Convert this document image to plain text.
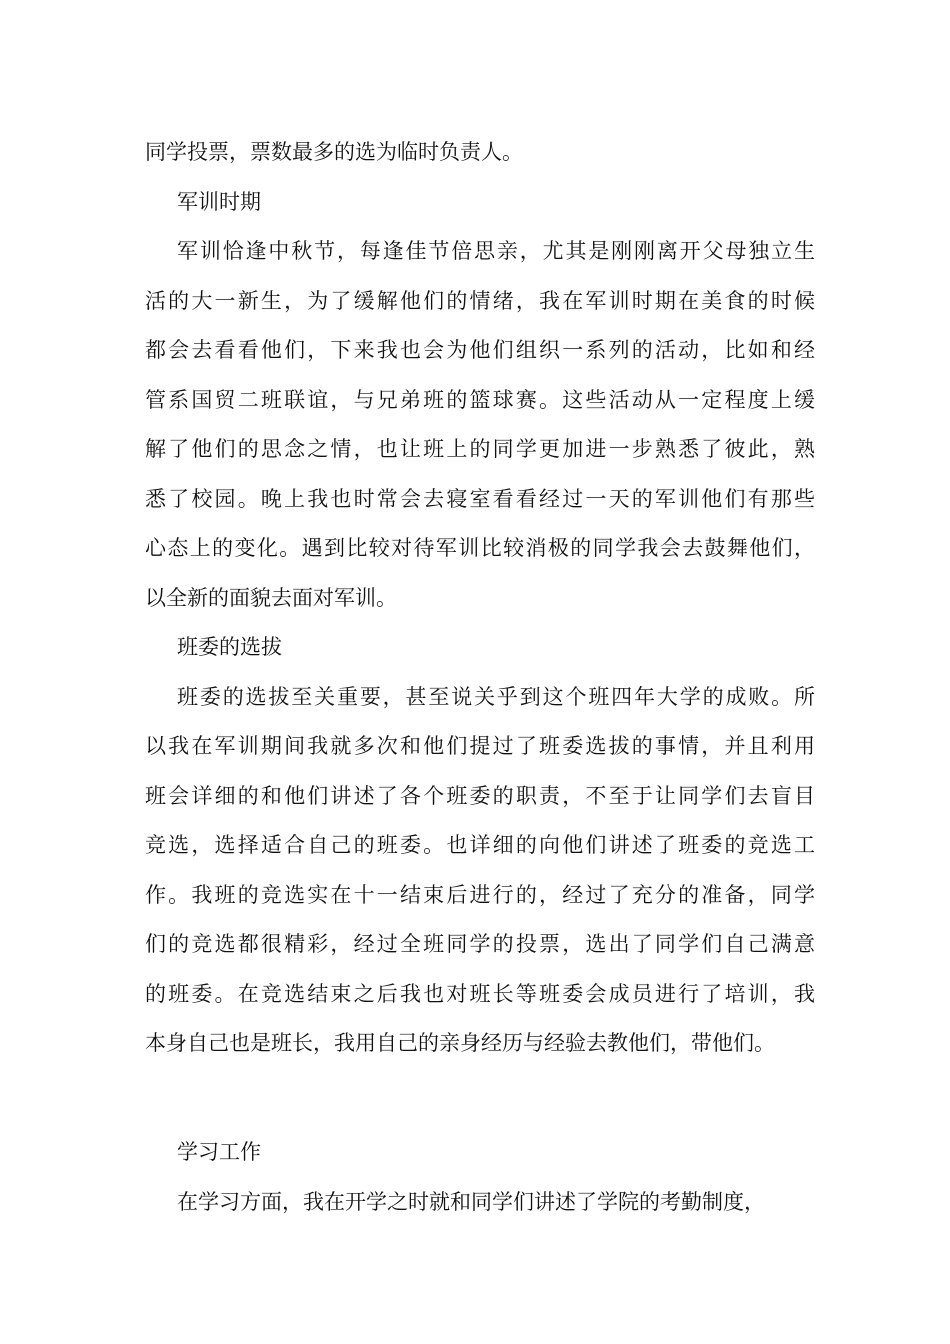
同学投票，票数最多的选为临时负责人。
军训时期
军训恰逢中秋节，每逢佳节倍思亲，尤其是刚刚离开父母独立生
活的大一新生，为了缓解他们的情绪，我在军训时期在美食的时候
都会去看看他们，下来我也会为他们组织一系列的活动，比如和经
管系国贸二班联谊，与兄弟班的篮球赛。这些活动从一定程度上缓
解了他们的思念之情，也让班上的同学更加进一步熟悉了彼此，熟
悉了校园。晚上我也时常会去寝室看看经过一天的军训他们有那些
心态上的变化。遇到比较对待军训比较消极的同学我会去鼓舞他们，
以全新的面貌去面对军训。
班委的选拔
班委的选拔至关重要，甚至说关乎到这个班四年大学的成败。所
以我在军训期间我就多次和他们提过了班委选拔的事情，并且利用
班会详细的和他们讲述了各个班委的职责，不至于让同学们去盲目
竞选，选择适合自己的班委。也详细的向他们讲述了班委的竞选工
作。我班的竞选实在十一结束后进行的，经过了充分的准备，同学
们的竞选都很精彩，经过全班同学的投票，选出了同学们自己满意
的班委。在竞选结束之后我也对班长等班委会成员进行了培训，我
本身自己也是班长，我用自己的亲身经历与经验去教他们，带他们。
学习工作
在学习方面，我在开学之时就和同学们讲述了学院的考勤制度，
